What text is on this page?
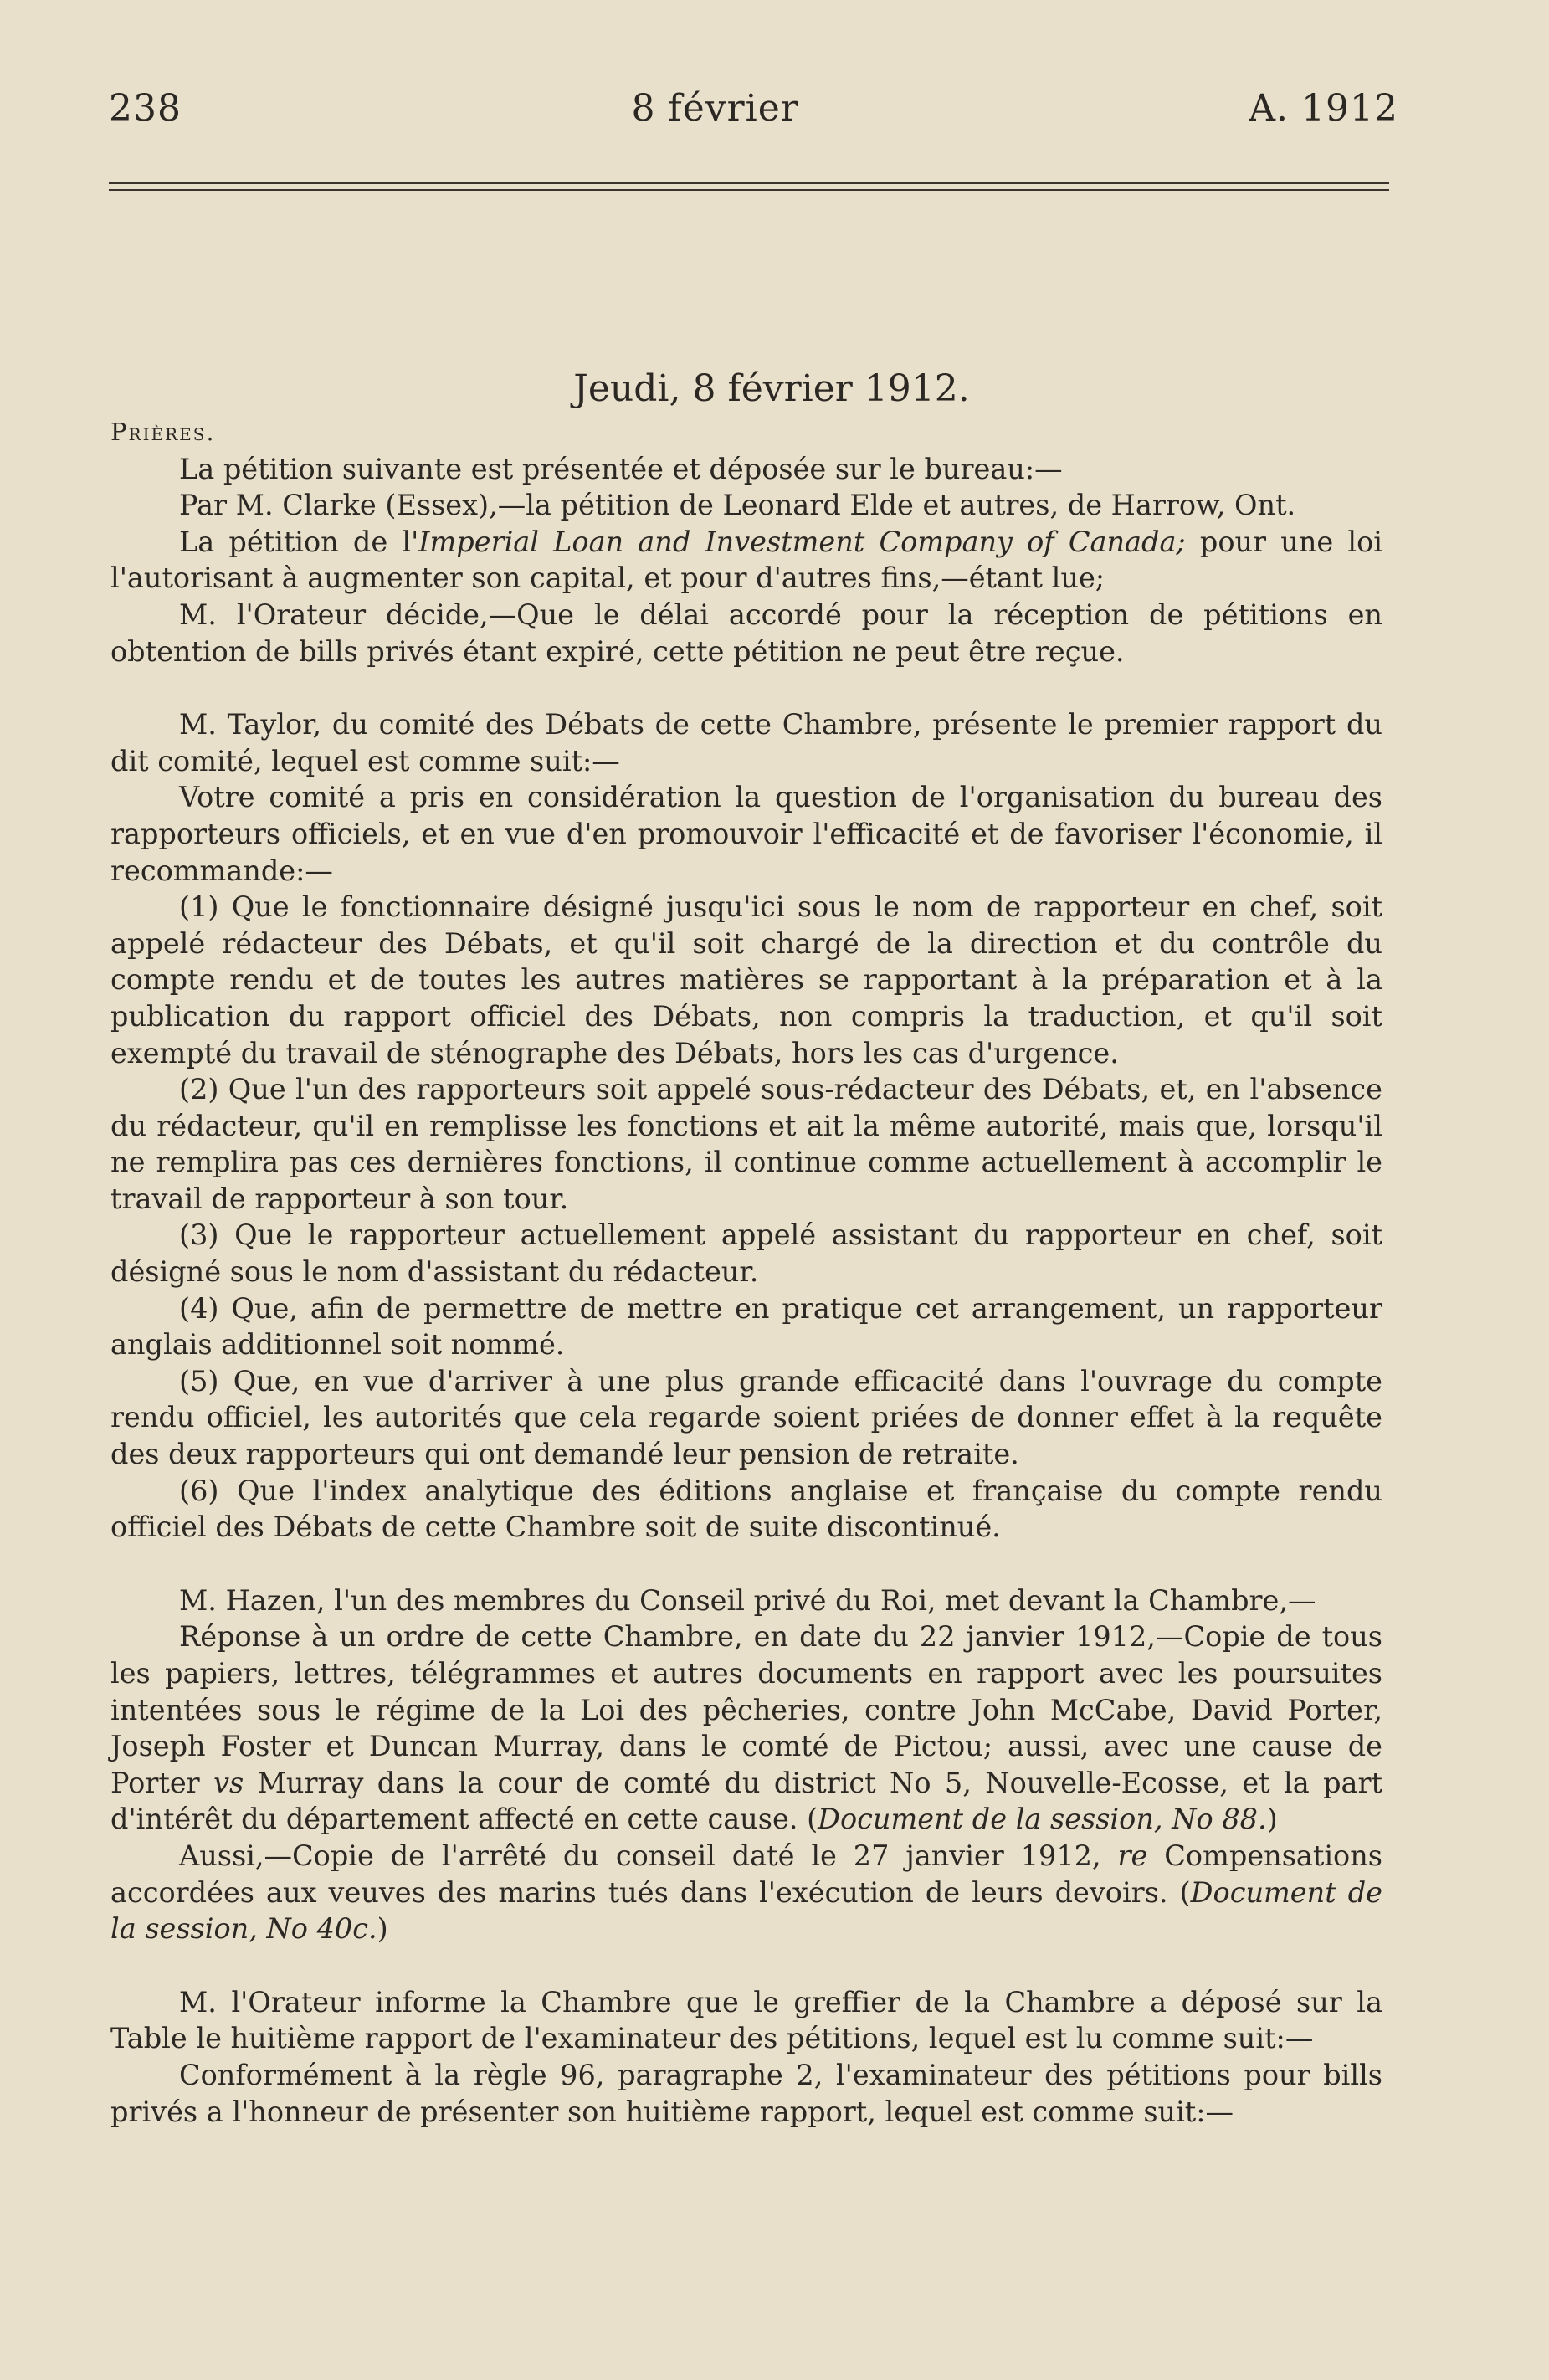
238	8 février	A. 1912

Jeudi, 8 février 1912.

Prières.

La pétition suivante est présentée et déposée sur le bureau:—

Par M. Clarke (Essex),—la pétition de Leonard Elde et autres, de Harrow, Ont.

La pétition de l'Imperial Loan and Investment Company of Canada; pour une loi l'autorisant à augmenter son capital, et pour d'autres fins,—étant lue;

M. l'Orateur décide,—Que le délai accordé pour la réception de pétitions en obtention de bills privés étant expiré, cette pétition ne peut être reçue.

M. Taylor, du comité des Débats de cette Chambre, présente le premier rapport du dit comité, lequel est comme suit:—

Votre comité a pris en considération la question de l'organisation du bureau des rapporteurs officiels, et en vue d'en promouvoir l'efficacité et de favoriser l'économie, il recommande:—

(1) Que le fonctionnaire désigné jusqu'ici sous le nom de rapporteur en chef, soit appelé rédacteur des Débats, et qu'il soit chargé de la direction et du contrôle du compte rendu et de toutes les autres matières se rapportant à la préparation et à la publication du rapport officiel des Débats, non compris la traduction, et qu'il soit exempté du travail de sténographe des Débats, hors les cas d'urgence.

(2) Que l'un des rapporteurs soit appelé sous-rédacteur des Débats, et, en l'absence du rédacteur, qu'il en remplisse les fonctions et ait la même autorité, mais que, lorsqu'il ne remplira pas ces dernières fonctions, il continue comme actuellement à accomplir le travail de rapporteur à son tour.

(3) Que le rapporteur actuellement appelé assistant du rapporteur en chef, soit désigné sous le nom d'assistant du rédacteur.

(4) Que, afin de permettre de mettre en pratique cet arrangement, un rapporteur anglais additionnel soit nommé.

(5) Que, en vue d'arriver à une plus grande efficacité dans l'ouvrage du compte rendu officiel, les autorités que cela regarde soient priées de donner effet à la requête des deux rapporteurs qui ont demandé leur pension de retraite.

(6) Que l'index analytique des éditions anglaise et française du compte rendu officiel des Débats de cette Chambre soit de suite discontinué.

M. Hazen, l'un des membres du Conseil privé du Roi, met devant la Chambre,—

Réponse à un ordre de cette Chambre, en date du 22 janvier 1912,—Copie de tous les papiers, lettres, télégrammes et autres documents en rapport avec les poursuites intentées sous le régime de la Loi des pêcheries, contre John McCabe, David Porter, Joseph Foster et Duncan Murray, dans le comté de Pictou; aussi, avec une cause de Porter vs Murray dans la cour de comté du district No 5, Nouvelle-Ecosse, et la part d'intérêt du département affecté en cette cause. (Document de la session, No 88.)

Aussi,—Copie de l'arrêté du conseil daté le 27 janvier 1912, re Compensations accordées aux veuves des marins tués dans l'exécution de leurs devoirs. (Document de la session, No 40c.)

M. l'Orateur informe la Chambre que le greffier de la Chambre a déposé sur la Table le huitième rapport de l'examinateur des pétitions, lequel est lu comme suit:—

Conformément à la règle 96, paragraphe 2, l'examinateur des pétitions pour bills privés a l'honneur de présenter son huitième rapport, lequel est comme suit:—
